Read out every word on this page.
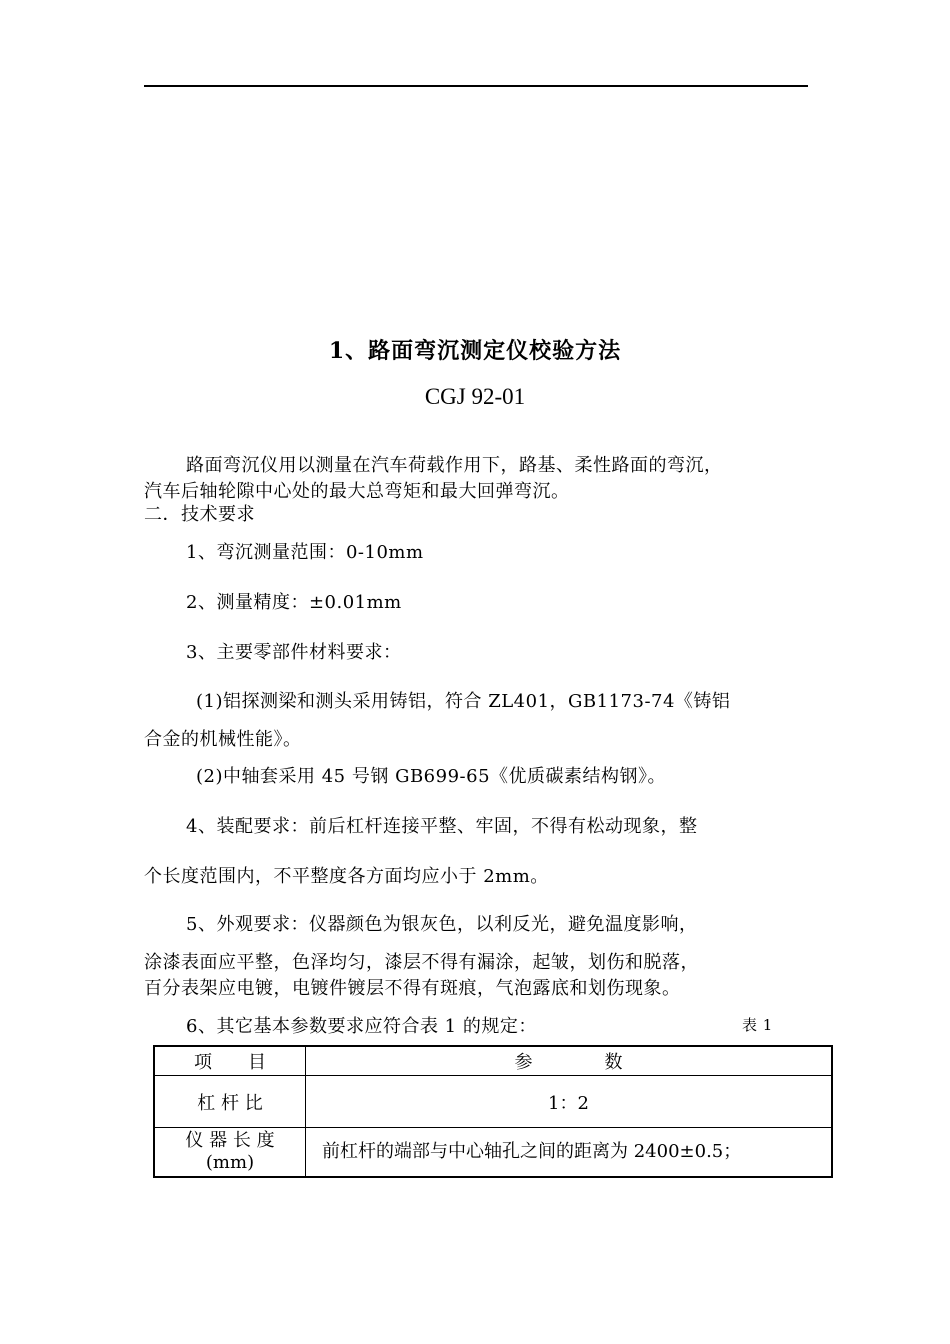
1、路面弯沉测定仪校验方法
CGJ 92-01
路面弯沉仪用以测量在汽车荷载作用下，路基、柔性路面的弯沉，
汽车后轴轮隙中心处的最大总弯矩和最大回弹弯沉。
二．技术要求
1、弯沉测量范围：0-10mm
2、测量精度：±0.01mm
3、主要零部件材料要求：
(1)铝探测梁和测头采用铸铝，符合 ZL401，GB1173-74《铸铝
合金的机械性能》。
(2)中轴套采用 45 号钢 GB699-65《优质碳素结构钢》。
4、装配要求：前后杠杆连接平整、牢固，不得有松动现象，整
个长度范围内，不平整度各方面均应小于 2mm。
5、外观要求：仪器颜色为银灰色，以利反光，避免温度影响，
涂漆表面应平整，色泽均匀，漆层不得有漏涂，起皱，划伤和脱落，
百分表架应电镀，电镀件镀层不得有斑痕，气泡露底和划伤现象。
6、其它基本参数要求应符合表 1 的规定：	表 1
项　　目	参　　　　数
杠 杆 比	1：2

仪 器 长 度
(mm)	前杠杆的端部与中心轴孔之间的距离为 2400±0.5；
